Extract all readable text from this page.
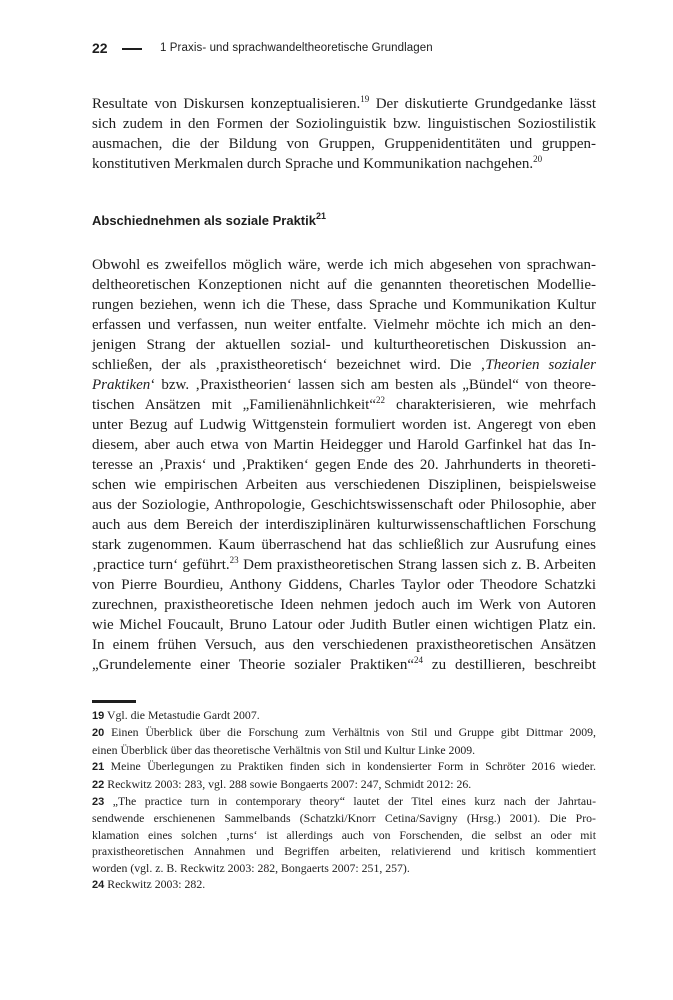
22	1 Praxis- und sprachwandeltheoretische Grundlagen
Resultate von Diskursen konzeptualisieren.$^{19}$ Der diskutierte Grundgedanke lässt
sich zudem in den Formen der Soziolinguistik bzw. linguistischen Soziostilistik
ausmachen, die der Bildung von Gruppen, Gruppenidentitäten und gruppen-
konstitutiven Merkmalen durch Sprache und Kommunikation nachgehen.$^{20}$
Abschiednehmen als soziale Praktik$^{21}$
Obwohl es zweifellos möglich wäre, werde ich mich abgesehen von sprachwan-
deltheoretischen Konzeptionen nicht auf die genannten theoretischen Modellie-
rungen beziehen, wenn ich die These, dass Sprache und Kommunikation Kultur
erfassen und verfassen, nun weiter entfalte. Vielmehr möchte ich mich an den-
jenigen Strang der aktuellen sozial- und kulturtheoretischen Diskussion an-
schließen, der als ‚praxistheoretisch‘ bezeichnet wird. Die ‚Theorien sozialer
Praktiken‘ bzw. ‚Praxistheorien‘ lassen sich am besten als „Bündel“ von theore-
tischen Ansätzen mit „Familienähnlichkeit“$^{22}$ charakterisieren, wie mehrfach
unter Bezug auf Ludwig Wittgenstein formuliert worden ist. Angeregt von eben
diesem, aber auch etwa von Martin Heidegger und Harold Garfinkel hat das In-
teresse an ‚Praxis‘ und ‚Praktiken‘ gegen Ende des 20. Jahrhunderts in theoreti-
schen wie empirischen Arbeiten aus verschiedenen Disziplinen, beispielsweise
aus der Soziologie, Anthropologie, Geschichtswissenschaft oder Philosophie, aber
auch aus dem Bereich der interdisziplinären kulturwissenschaftlichen Forschung
stark zugenommen. Kaum überraschend hat das schließlich zur Ausrufung eines
‚practice turn‘ geführt.$^{23}$ Dem praxistheoretischen Strang lassen sich z. B. Arbeiten
von Pierre Bourdieu, Anthony Giddens, Charles Taylor oder Theodore Schatzki
zurechnen, praxistheoretische Ideen nehmen jedoch auch im Werk von Autoren
wie Michel Foucault, Bruno Latour oder Judith Butler einen wichtigen Platz ein.
In einem frühen Versuch, aus den verschiedenen praxistheoretischen Ansätzen
„Grundelemente einer Theorie sozialer Praktiken“$^{24}$ zu destillieren, beschreibt
19 Vgl. die Metastudie Gardt 2007.
20 Einen Überblick über die Forschung zum Verhältnis von Stil und Gruppe gibt Dittmar 2009,
einen Überblick über das theoretische Verhältnis von Stil und Kultur Linke 2009.
21 Meine Überlegungen zu Praktiken finden sich in kondensierter Form in Schröter 2016 wieder.
22 Reckwitz 2003: 283, vgl. 288 sowie Bongaerts 2007: 247, Schmidt 2012: 26.
23 „The practice turn in contemporary theory“ lautet der Titel eines kurz nach der Jahrtau-
sendwende erschienenen Sammelbands (Schatzki/Knorr Cetina/Savigny (Hrsg.) 2001). Die Pro-
klamation eines solchen ‚turns‘ ist allerdings auch von Forschenden, die selbst an oder mit
praxistheoretischen Annahmen und Begriffen arbeiten, relativierend und kritisch kommentiert
worden (vgl. z. B. Reckwitz 2003: 282, Bongaerts 2007: 251, 257).
24 Reckwitz 2003: 282.
